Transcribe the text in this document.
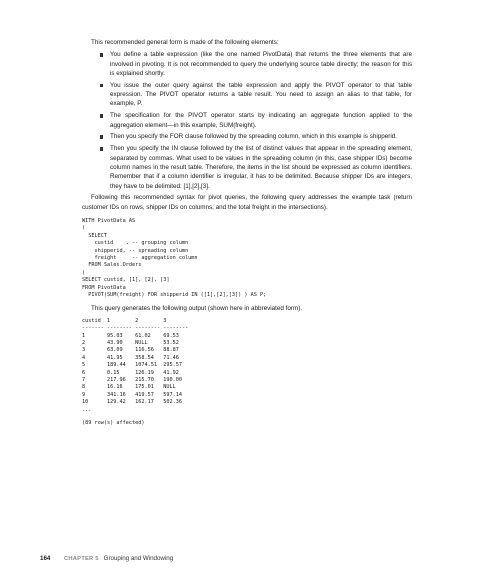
This recommended general form is made of the following elements:

You define a table expression (like the one named PivotData) that returns the three elements that are involved in pivoting. It is not recommended to query the underlying source table directly; the reason for this is explained shortly.
You issue the outer query against the table expression and apply the PIVOT operator to that table expression. The PIVOT operator returns a table result. You need to assign an alias to that table, for example, P.
The specification for the PIVOT operator starts by indicating an aggregate function applied to the aggregation element—in this example, SUM(freight).
Then you specify the FOR clause followed by the spreading column, which in this example is shipperid.
Then you specify the IN clause followed by the list of distinct values that appear in the spreading element, separated by commas. What used to be values in the spreading column (in this, case shipper IDs) become column names in the result table. Therefore, the items in the list should be expressed as column identifiers. Remember that if a column identifier is irregular, it has to be delimited. Because shipper IDs are integers, they have to be delimited: [1],[2],[3].

Following this recommended syntax for pivot queries, the following query addresses the example task (return customer IDs on rows, shipper IDs on columns, and the total freight in the intersections).

WITH PivotData AS
(
SELECT
custid    , -- grouping column
shipperid, -- spreading column
freight     -- aggregation column
FROM Sales.Orders
)
SELECT custid, [1], [2], [3]
FROM PivotData
PIVOT(SUM(freight) FOR shipperid IN ([1],[2],[3]) ) AS P;

This query generates the following output (shown here in abbreviated form).

custid  1        2        3
------- -------- -------- --------
1       95.03    61.02    69.53
2       43.90    NULL     53.52
3       63.09    116.56   88.87
4       41.95    358.54   71.46
5       189.44   1074.51  295.57
6       0.15     126.19   41.92
7       217.96   215.70   190.00
8       16.16    175.01   NULL
9       341.16   419.57   597.14
10      129.42   162.17   502.36
...
(89 row(s) affected)
164	CHAPTER 5 Grouping and Windowing
